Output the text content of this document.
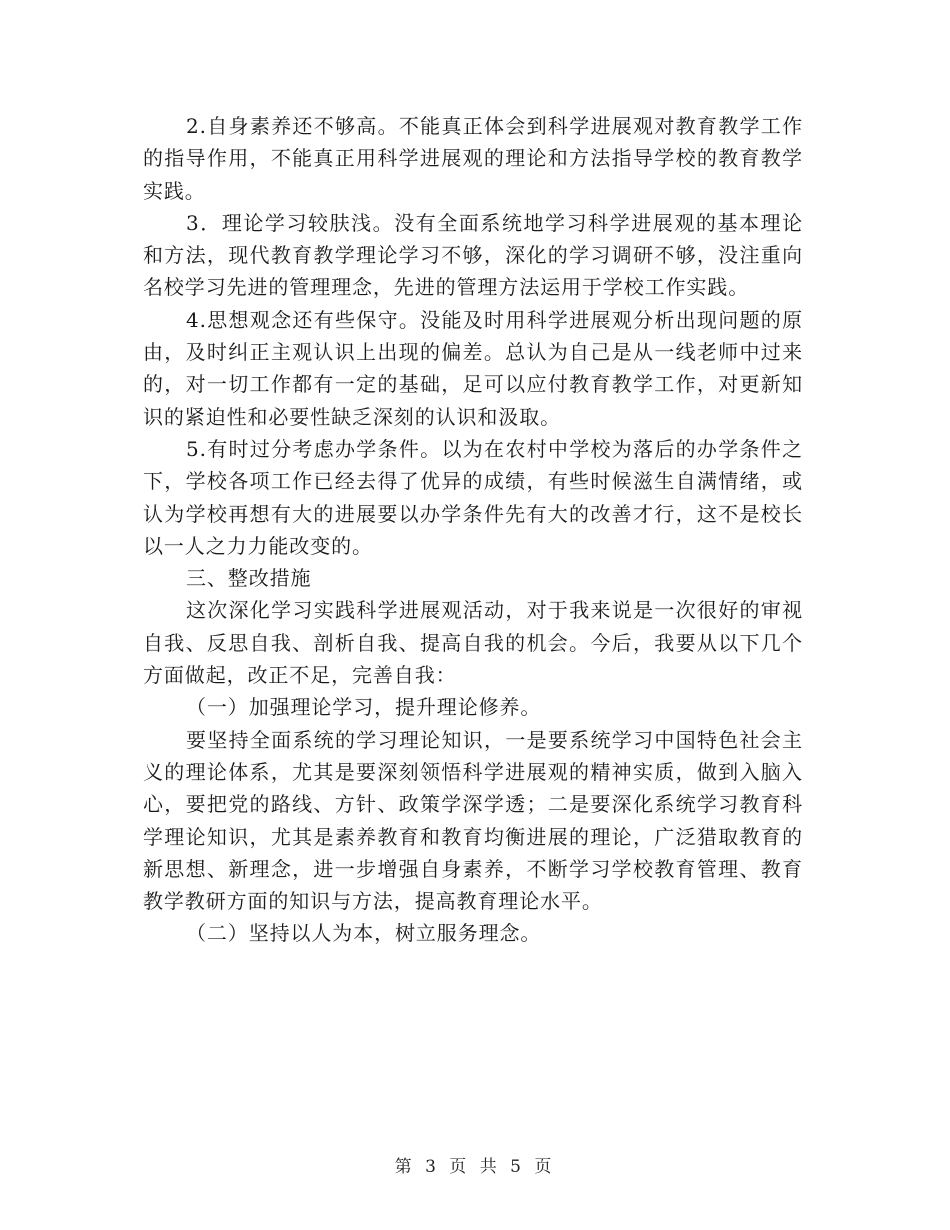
2.自身素养还不够高。不能真正体会到科学进展观对教育教学工作的指导作用，不能真正用科学进展观的理论和方法指导学校的教育教学实践。

3．理论学习较肤浅。没有全面系统地学习科学进展观的基本理论和方法，现代教育教学理论学习不够，深化的学习调研不够，没注重向名校学习先进的管理理念，先进的管理方法运用于学校工作实践。

4.思想观念还有些保守。没能及时用科学进展观分析出现问题的原由，及时纠正主观认识上出现的偏差。总认为自己是从一线老师中过来的，对一切工作都有一定的基础，足可以应付教育教学工作，对更新知识的紧迫性和必要性缺乏深刻的认识和汲取。

5.有时过分考虑办学条件。以为在农村中学校为落后的办学条件之下，学校各项工作已经去得了优异的成绩，有些时候滋生自满情绪，或认为学校再想有大的进展要以办学条件先有大的改善才行，这不是校长以一人之力力能改变的。

三、整改措施

这次深化学习实践科学进展观活动，对于我来说是一次很好的审视自我、反思自我、剖析自我、提高自我的机会。今后，我要从以下几个方面做起，改正不足，完善自我：

（一）加强理论学习，提升理论修养。

要坚持全面系统的学习理论知识，一是要系统学习中国特色社会主义的理论体系，尤其是要深刻领悟科学进展观的精神实质，做到入脑入心，要把党的路线、方针、政策学深学透；二是要深化系统学习教育科学理论知识，尤其是素养教育和教育均衡进展的理论，广泛猎取教育的新思想、新理念，进一步增强自身素养，不断学习学校教育管理、教育教学教研方面的知识与方法，提高教育理论水平。

（二）坚持以人为本，树立服务理念。

第 3 页 共 5 页
